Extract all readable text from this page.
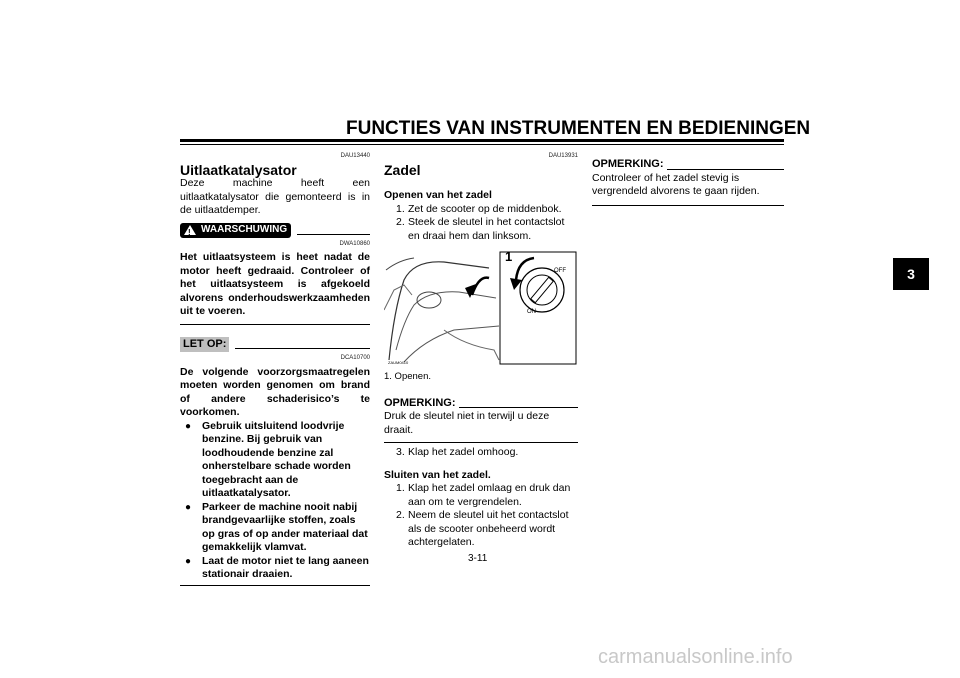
FUNCTIES VAN INSTRUMENTEN EN BEDIENINGEN
3
DAU13440
Uitlaatkatalysator

Deze machine heeft een uitlaatkatalysator die gemonteerd is in de uitlaatdemper.

! WAARSCHUWING
DWA10860

Het uitlaatsysteem is heet nadat de motor heeft gedraaid. Controleer of het uitlaatsysteem is afgekoeld alvorens onderhoudswerkzaamheden uit te voeren.

LET OP:
DCA10700

De volgende voorzorgsmaatregelen moeten worden genomen om brand of andere schaderisico’s te voorkomen.

● Gebruik uitsluitend loodvrije benzine. Bij gebruik van loodhoudende benzine zal onherstelbare schade worden toegebracht aan de uitlaatkatalysator.
● Parkeer de machine nooit nabij brandgevaarlijke stoffen, zoals op gras of op ander materiaal dat gemakkelijk vlamvat.
● Laat de motor niet te lang aaneen stationair draaien.
DAU13931
Zadel

Openen van het zadel

1. Zet de scooter op de middenbok.
2. Steek de sleutel in het contactslot en draai hem dan linksom.
ON
OFF
1
ZAUM0410

1. Openen.

OPMERKING:

Druk de sleutel niet in terwijl u deze draait.

3. Klap het zadel omhoog.

Sluiten van het zadel.

1. Klap het zadel omlaag en druk dan aan om te vergrendelen.
2. Neem de sleutel uit het contactslot als de scooter onbeheerd wordt achtergelaten.
OPMERKING:

Controleer of het zadel stevig is vergrendeld alvorens te gaan rijden.

3-11
carmanualsonline.info
